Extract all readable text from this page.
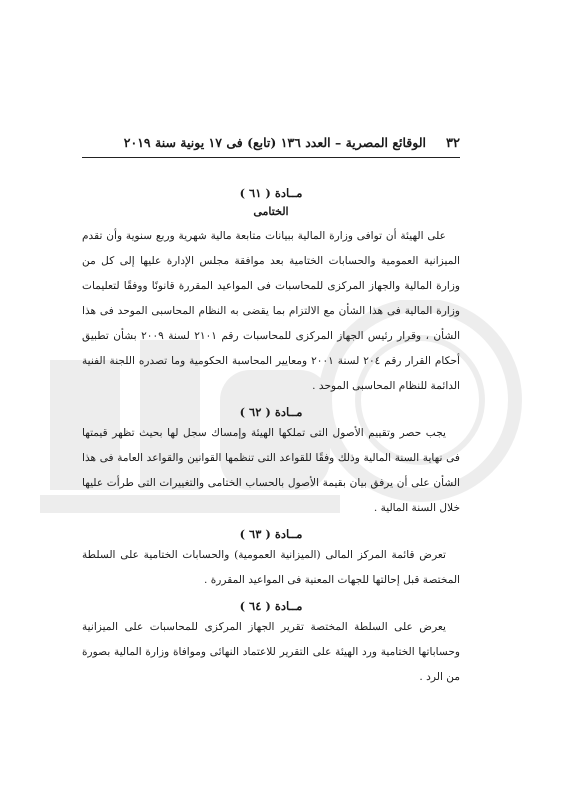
٣٢
الوقائع المصرية – العدد ١٣٦ (تابع) فى ١٧ يونية سنة ٢٠١٩

مــادة ( ٦١ )

الختامى

على الهيئة أن توافى وزارة المالية ببيانات متابعة مالية شهرية وربع سنوية وأن تقدم الميزانية العمومية والحسابات الختامية بعد موافقة مجلس الإدارة عليها إلى كل من وزارة المالية والجهاز المركزى للمحاسبات فى المواعيد المقررة قانونًا ووفقًا لتعليمات وزارة المالية فى هذا الشأن مع الالتزام بما يقضى به النظام المحاسبى الموحد فى هذا الشأن ، وقرار رئيس الجهاز المركزى للمحاسبات رقم ٢١٠١ لسنة ٢٠٠٩ بشأن تطبيق أحكام القرار رقم ٢٠٤ لسنة ٢٠٠١ ومعايير المحاسبة الحكومية وما تصدره اللجنة الفنية الدائمة للنظام المحاسبى الموحد .

مــادة ( ٦٢ )

يجب حصر وتقييم الأصول التى تملكها الهيئة وإمساك سجل لها بحيث تظهر قيمتها فى نهاية السنة المالية وذلك وفقًا للقواعد التى تنظمها القوانين والقواعد العامة فى هذا الشأن على أن يرفق بيان بقيمة الأصول بالحساب الختامى والتغييرات التى طرأت عليها خلال السنة المالية .

مــادة ( ٦٣ )

تعرض قائمة المركز المالى (الميزانية العمومية) والحسابات الختامية على السلطة المختصة قبل إحالتها للجهات المعنية فى المواعيد المقررة .

مــادة ( ٦٤ )

يعرض على السلطة المختصة تقرير الجهاز المركزى للمحاسبات على الميزانية وحساباتها الختامية ورد الهيئة على التقرير للاعتماد النهائى وموافاة وزارة المالية بصورة من الرد .
